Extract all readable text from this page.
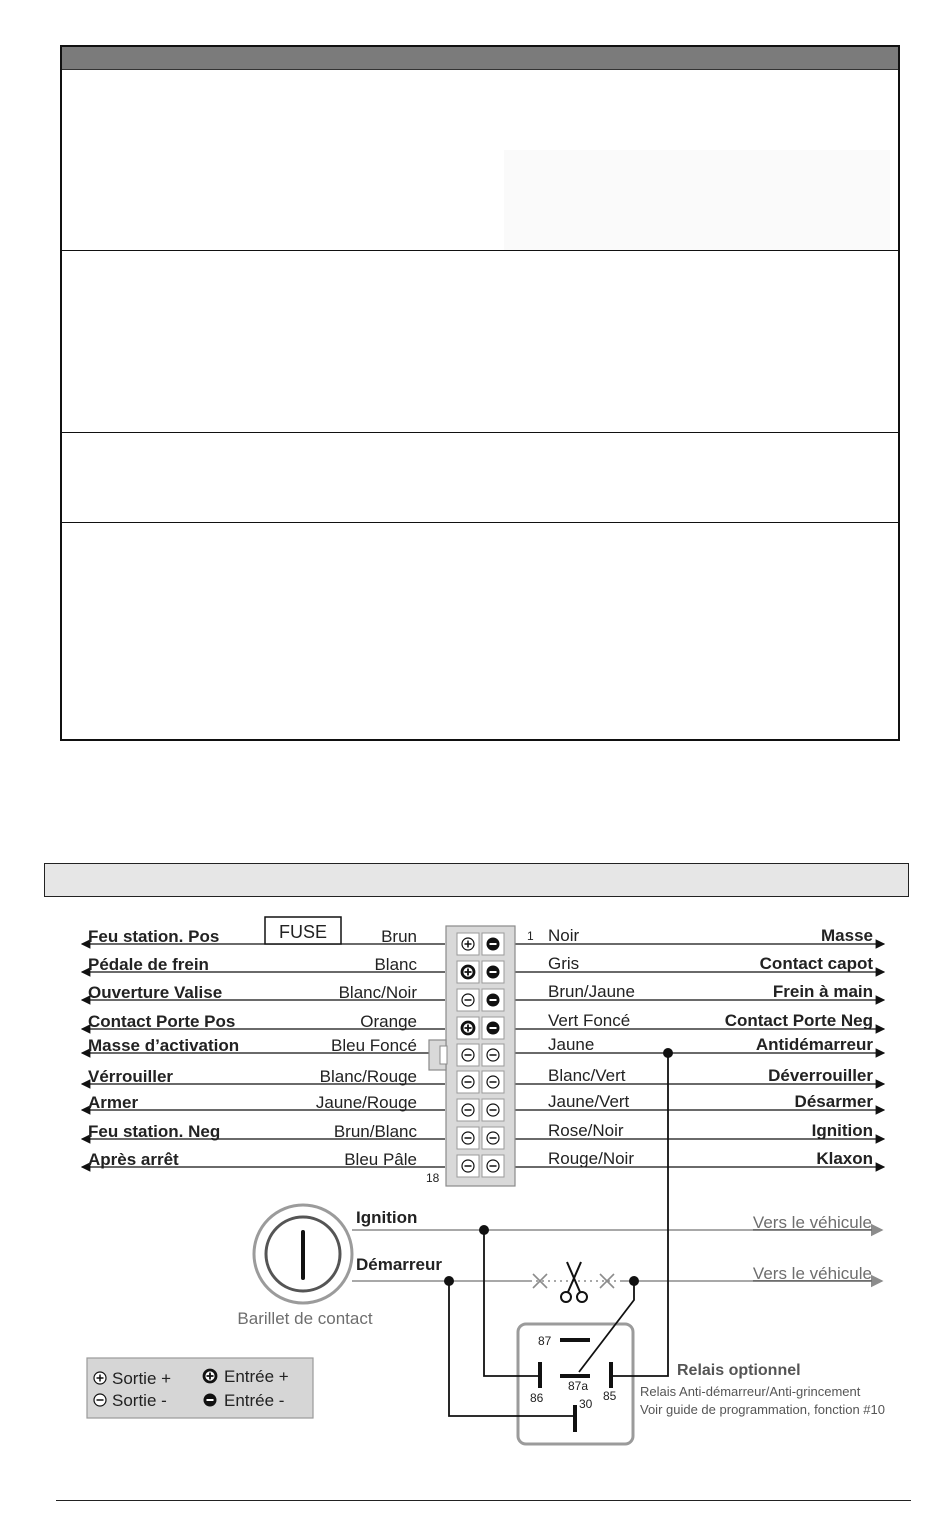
Feu station. Pos	Brun	Noir	Masse
Pédale de frein	Blanc	Gris	Contact capot
Ouverture Valise	Blanc/Noir	Brun/Jaune	Frein à main
Contact Porte Pos	Orange	Vert Foncé	Contact Porte Neg
Masse d’activation	Bleu Foncé	Jaune	Antidémarreur
Vérrouiller	Blanc/Rouge	Blanc/Vert	Déverrouiller
Armer	Jaune/Rouge	Jaune/Vert	Désarmer
Feu station. Neg	Brun/Blanc	Rose/Noir	Ignition
Après arrêt	Bleu Pâle	Rouge/Noir	Klaxon
1
18
FUSE
Barillet de contact
Ignition	Vers le véhicule
Démarreur	Vers le véhicule
87
87a
86	85
30
Relais optionnel
Relais Anti-démarreur/Anti-grincement
Voir guide de programmation, fonction #10
Sortie +
Sortie -
Entrée +
Entrée -
